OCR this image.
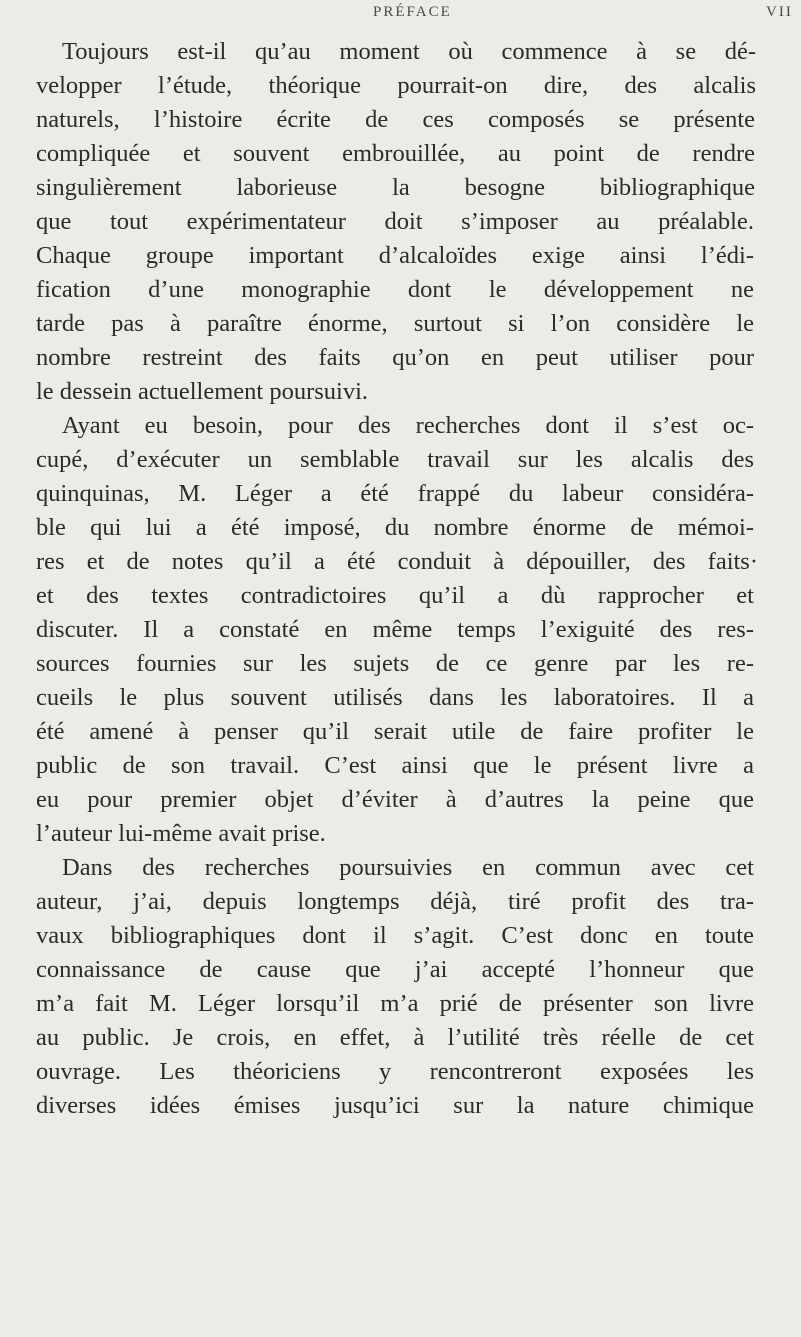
PRÉFACE	VII
Toujours est-il qu’au moment où commence à se dé-
velopper l’étude, théorique pourrait-on dire, des alcalis
naturels, l’histoire écrite de ces composés se présente
compliquée et souvent embrouillée, au point de rendre
singulièrement laborieuse la besogne bibliographique
que tout expérimentateur doit s’imposer au préalable.
Chaque groupe important d’alcaloïdes exige ainsi l’édi-
fication d’une monographie dont le développement ne
tarde pas à paraître énorme, surtout si l’on considère le
nombre restreint des faits qu’on en peut utiliser pour
le dessein actuellement poursuivi.
Ayant eu besoin, pour des recherches dont il s’est oc-
cupé, d’exécuter un semblable travail sur les alcalis des
quinquinas, M. Léger a été frappé du labeur considéra-
ble qui lui a été imposé, du nombre énorme de mémoi-
res et de notes qu’il a été conduit à dépouiller, des faits·
et des textes contradictoires qu’il a dù rapprocher et
discuter. Il a constaté en même temps l’exiguité des res-
sources fournies sur les sujets de ce genre par les re-
cueils le plus souvent utilisés dans les laboratoires. Il a
été amené à penser qu’il serait utile de faire profiter le
public de son travail. C’est ainsi que le présent livre a
eu pour premier objet d’éviter à d’autres la peine que
l’auteur lui-même avait prise.
Dans des recherches poursuivies en commun avec cet
auteur, j’ai, depuis longtemps déjà, tiré profit des tra-
vaux bibliographiques dont il s’agit. C’est donc en toute
connaissance de cause que j’ai accepté l’honneur que
m’a fait M. Léger lorsqu’il m’a prié de présenter son livre
au public. Je crois, en effet, à l’utilité très réelle de cet
ouvrage. Les théoriciens y rencontreront exposées les
diverses idées émises jusqu’ici sur la nature chimique
